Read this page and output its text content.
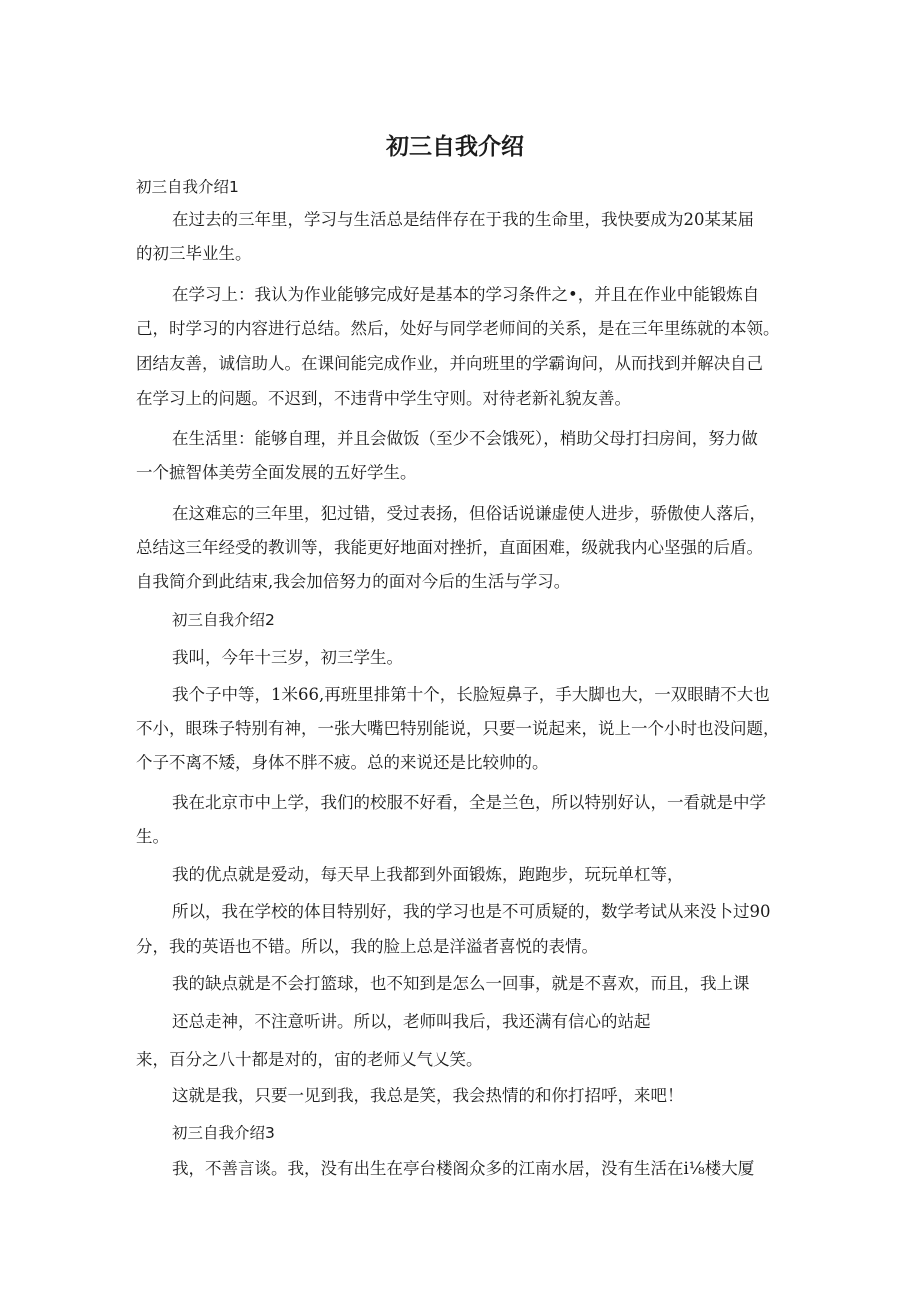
初三自我介绍

初三自我介绍1

在过去的三年里，学习与生活总是结伴存在于我的生命里，我快要成为20某某届

的初三毕业生。

在学习上：我认为作业能够完成好是基本的学习条件之•，并且在作业中能锻炼自

己，时学习的内容进行总结。然后，处好与同学老师间的关系，是在三年里练就的本领。

团结友善，诚信助人。在课间能完成作业，并向班里的学霸询问，从而找到并解决自己

在学习上的问题。不迟到，不违背中学生守则。对待老新礼貌友善。

在生活里：能够自理，并且会做饭（至少不会饿死），梢助父母打扫房间，努力做

一个摭智体美劳全面发展的五好学生。

在这难忘的三年里，犯过错，受过表扬，但俗话说谦虚使人进步，骄傲使人落后，

总结这三年经受的教训等，我能更好地面对挫折，直面困难，级就我内心坚强的后盾。

自我简介到此结束,我会加倍努力的面对今后的生活与学习。

初三自我介绍2

我叫，今年十三岁，初三学生。

我个子中等，1米66,再班里排第十个，长脸短鼻子，手大脚也大，一双眼睛不大也

不小，眼珠子特别有神，一张大嘴巴特别能说，只要一说起来，说上一个小时也没问题，

个子不离不矮，身体不胖不疲。总的来说还是比较帅的。

我在北京市中上学，我们的校服不好看，全是兰色，所以特别好认，一看就是中学

生。

我的优点就是爱动，每天早上我都到外面锻炼，跑跑步，玩玩单杠等，

所以，我在学校的体目特别好，我的学习也是不可质疑的，数学考试从来没卜过90

分，我的英语也不错。所以，我的脸上总是洋溢者喜悦的表情。

我的缺点就是不会打篮球，也不知到是怎么一回事，就是不喜欢，而且，我上课

还总走神，不注意听讲。所以，老师叫我后，我还满有信心的站起

来，百分之八十都是对的，宙的老师乂气乂笑。

这就是我，只要一见到我，我总是笑，我会热情的和你打招呼，来吧！

初三自我介绍3

我，不善言谈。我，没有出生在亭台楼阁众多的江南水居，没有生活在i⅛楼大厦
